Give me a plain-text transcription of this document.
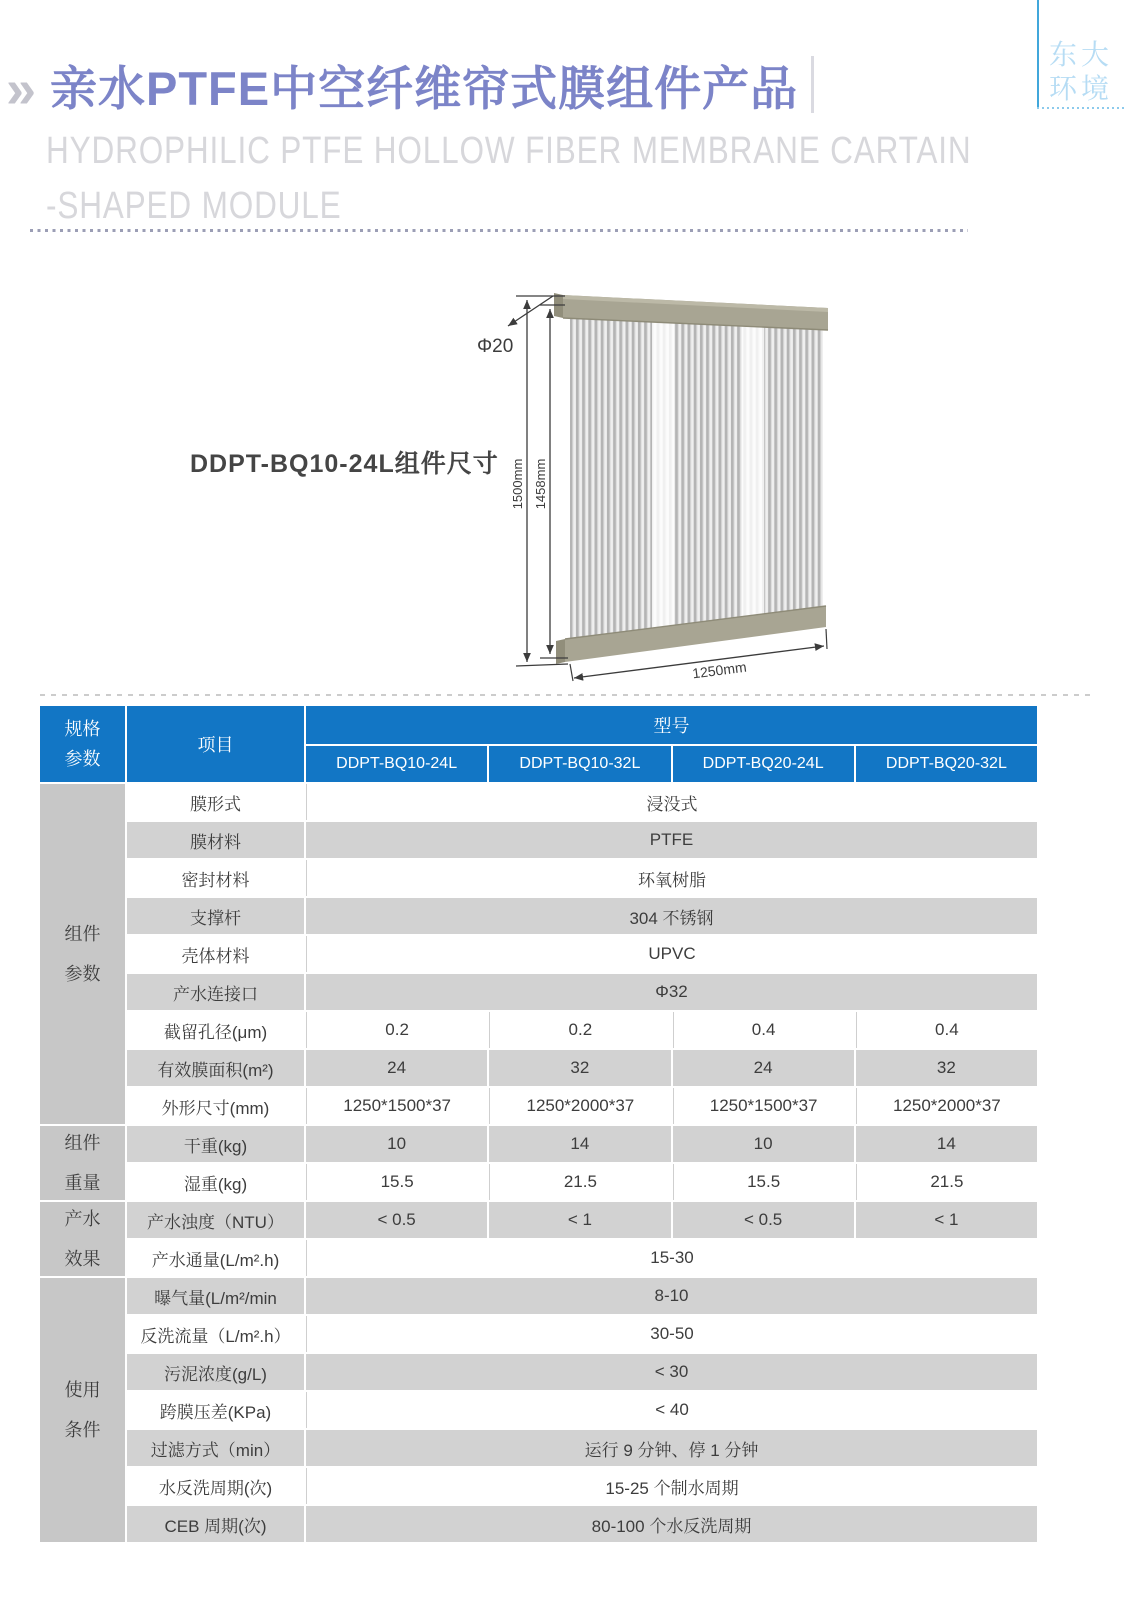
» 亲水PTFE中空纤维帘式膜组件产品
HYDROPHILIC PTFE HOLLOW FIBER MEMBRANE CARTAIN
-SHAPED MODULE
东大
环境
DDPT-BQ10-24L组件尺寸
Φ20
1500mm 1458mm
1250mm
规格
参数
组件
参数
组件
重量
产水
效果
使用
条件
项目
型号
DDPT-BQ10-24L	DDPT-BQ10-32L	DDPT-BQ20-24L	DDPT-BQ20-32L
膜形式	浸没式
膜材料	PTFE
密封材料	环氧树脂
支撑杆	304 不锈钢
壳体材料	UPVC
产水连接口	Φ32
截留孔径(μm)	0.2	0.2	0.4	0.4
有效膜面积(m²)	24	32	24	32
外形尺寸(mm)	1250*1500*37	1250*2000*37	1250*1500*37	1250*2000*37
干重(kg)	10	14	10	14
湿重(kg)	15.5	21.5	15.5	21.5
产水浊度（NTU）	< 0.5	< 1	< 0.5	< 1
产水通量(L/m².h)	15-30
曝气量(L/m²/min	8-10
反洗流量（L/m².h）	30-50
污泥浓度(g/L)	< 30
跨膜压差(KPa)	< 40
过滤方式（min）	运行 9 分钟、停 1 分钟
水反洗周期(次)	15-25 个制水周期
CEB 周期(次)	80-100 个水反洗周期
